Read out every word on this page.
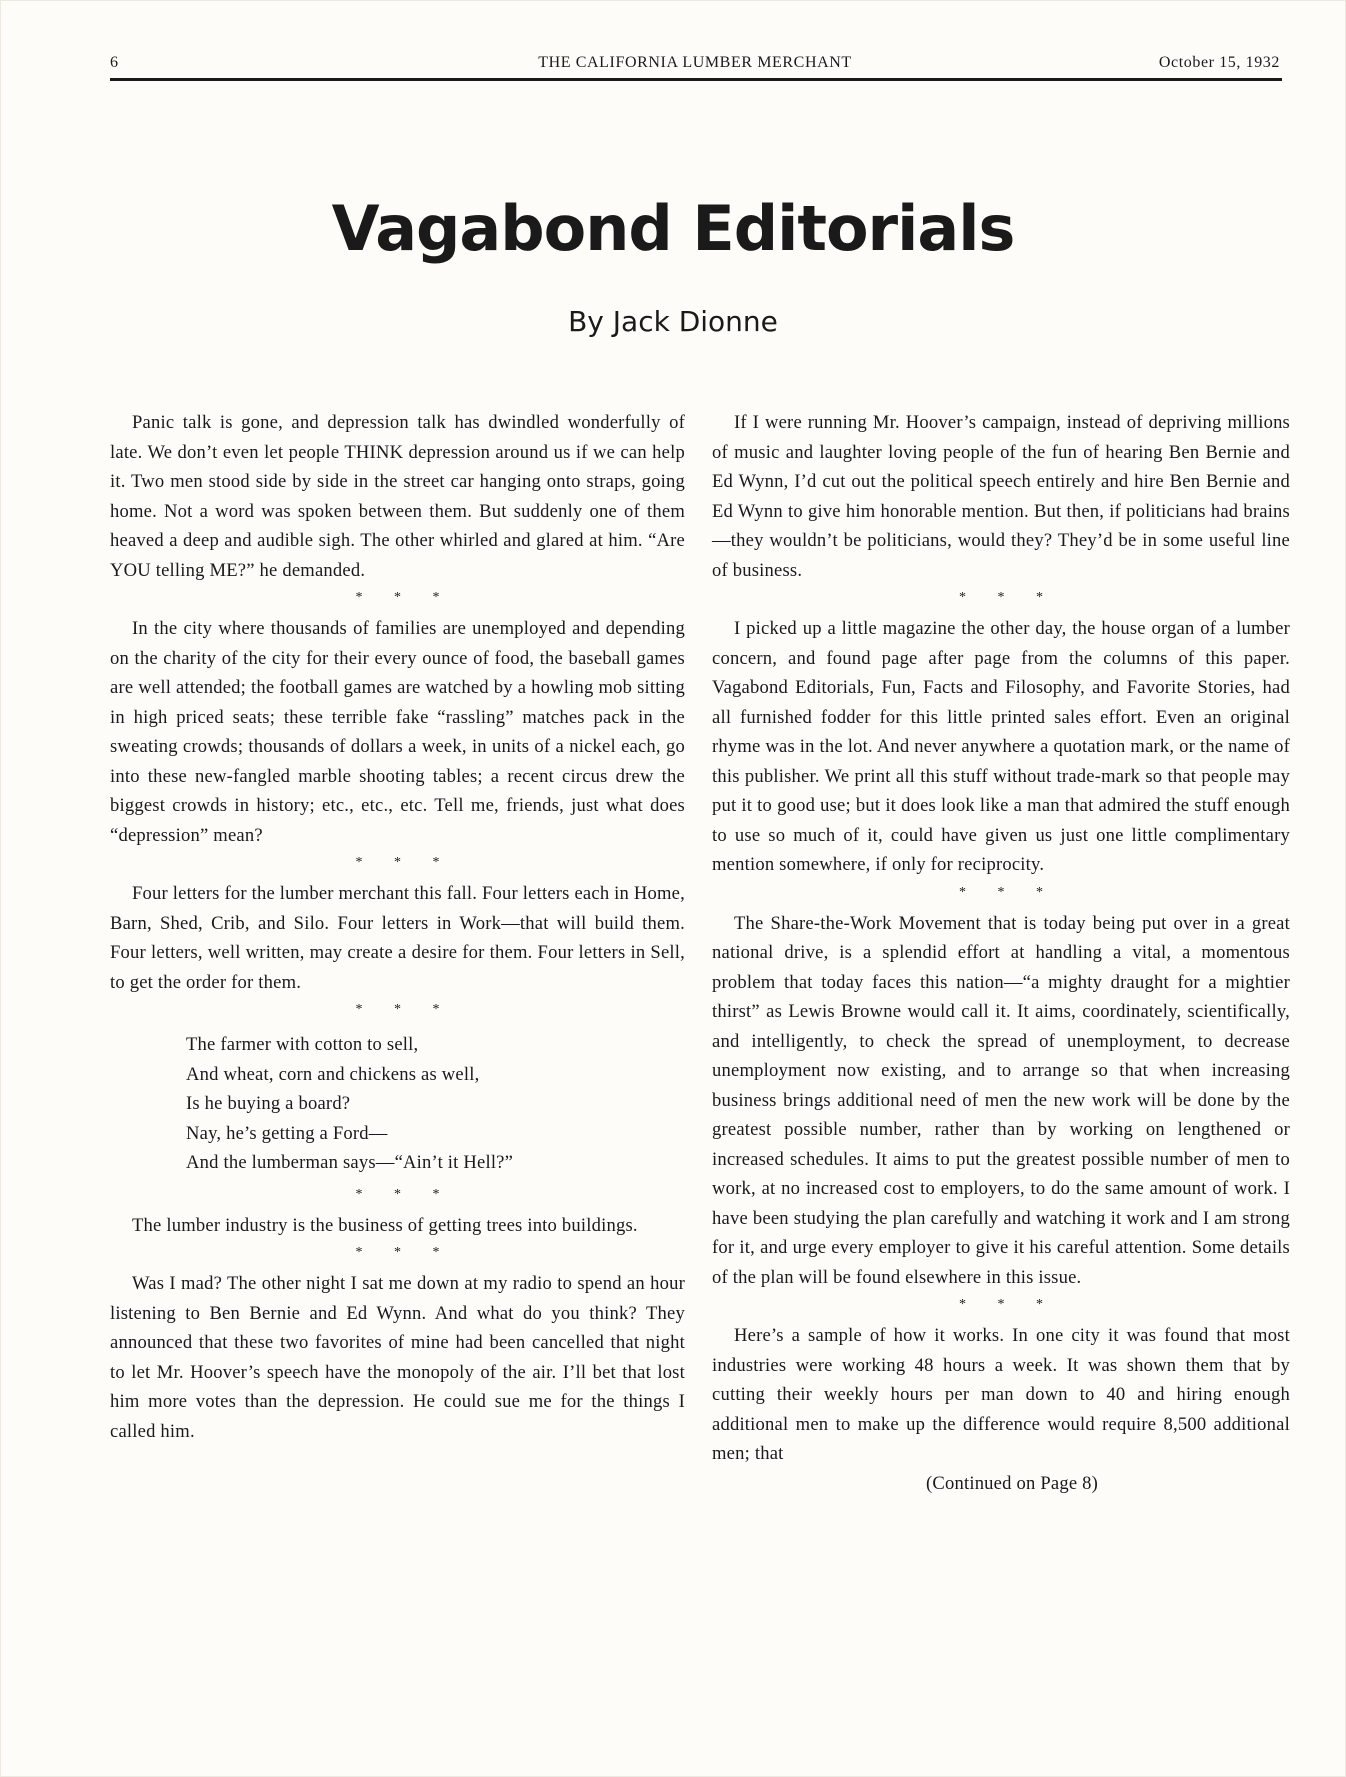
6	THE CALIFORNIA LUMBER MERCHANT	October 15, 1932
Vagabond Editorials
By Jack Dionne

Panic talk is gone, and depression talk has dwindled wonderfully of late. We don’t even let people THINK depression around us if we can help it. Two men stood side by side in the street car hanging onto straps, going home. Not a word was spoken between them. But suddenly one of them heaved a deep and audible sigh. The other whirled and glared at him. “Are YOU telling ME?” he demanded.

* * *

In the city where thousands of families are unemployed and depending on the charity of the city for their every ounce of food, the baseball games are well attended; the football games are watched by a howling mob sitting in high priced seats; these terrible fake “rassling” matches pack in the sweating crowds; thousands of dollars a week, in units of a nickel each, go into these new-fangled marble shooting tables; a recent circus drew the biggest crowds in history; etc., etc., etc. Tell me, friends, just what does “depression” mean?

* * *

Four letters for the lumber merchant this fall. Four letters each in Home, Barn, Shed, Crib, and Silo. Four letters in Work—that will build them. Four letters, well written, may create a desire for them. Four letters in Sell, to get the order for them.

* * *
The farmer with cotton to sell,
And wheat, corn and chickens as well,
Is he buying a board?
Nay, he’s getting a Ford—
And the lumberman says—“Ain’t it Hell?”
* * *

The lumber industry is the business of getting trees into buildings.

* * *

Was I mad? The other night I sat me down at my radio to spend an hour listening to Ben Bernie and Ed Wynn. And what do you think? They announced that these two favorites of mine had been cancelled that night to let Mr. Hoover’s speech have the monopoly of the air. I’ll bet that lost him more votes than the depression. He could sue me for the things I called him.

If I were running Mr. Hoover’s campaign, instead of depriving millions of music and laughter loving people of the fun of hearing Ben Bernie and Ed Wynn, I’d cut out the political speech entirely and hire Ben Bernie and Ed Wynn to give him honorable mention. But then, if politicians had brains—they wouldn’t be politicians, would they? They’d be in some useful line of business.

* * *

I picked up a little magazine the other day, the house organ of a lumber concern, and found page after page from the columns of this paper. Vagabond Editorials, Fun, Facts and Filosophy, and Favorite Stories, had all furnished fodder for this little printed sales effort. Even an original rhyme was in the lot. And never anywhere a quotation mark, or the name of this publisher. We print all this stuff without trade-mark so that people may put it to good use; but it does look like a man that admired the stuff enough to use so much of it, could have given us just one little complimentary mention somewhere, if only for reciprocity.

* * *

The Share-the-Work Movement that is today being put over in a great national drive, is a splendid effort at handling a vital, a momentous problem that today faces this nation—“a mighty draught for a mightier thirst” as Lewis Browne would call it. It aims, coordinately, scientifically, and intelligently, to check the spread of unemployment, to decrease unemployment now existing, and to arrange so that when increasing business brings additional need of men the new work will be done by the greatest possible number, rather than by working on lengthened or increased schedules. It aims to put the greatest possible number of men to work, at no increased cost to employers, to do the same amount of work. I have been studying the plan carefully and watching it work and I am strong for it, and urge every employer to give it his careful attention. Some details of the plan will be found elsewhere in this issue.

* * *

Here’s a sample of how it works. In one city it was found that most industries were working 48 hours a week. It was shown them that by cutting their weekly hours per man down to 40 and hiring enough additional men to make up the difference would require 8,500 additional men; that

(Continued on Page 8)
